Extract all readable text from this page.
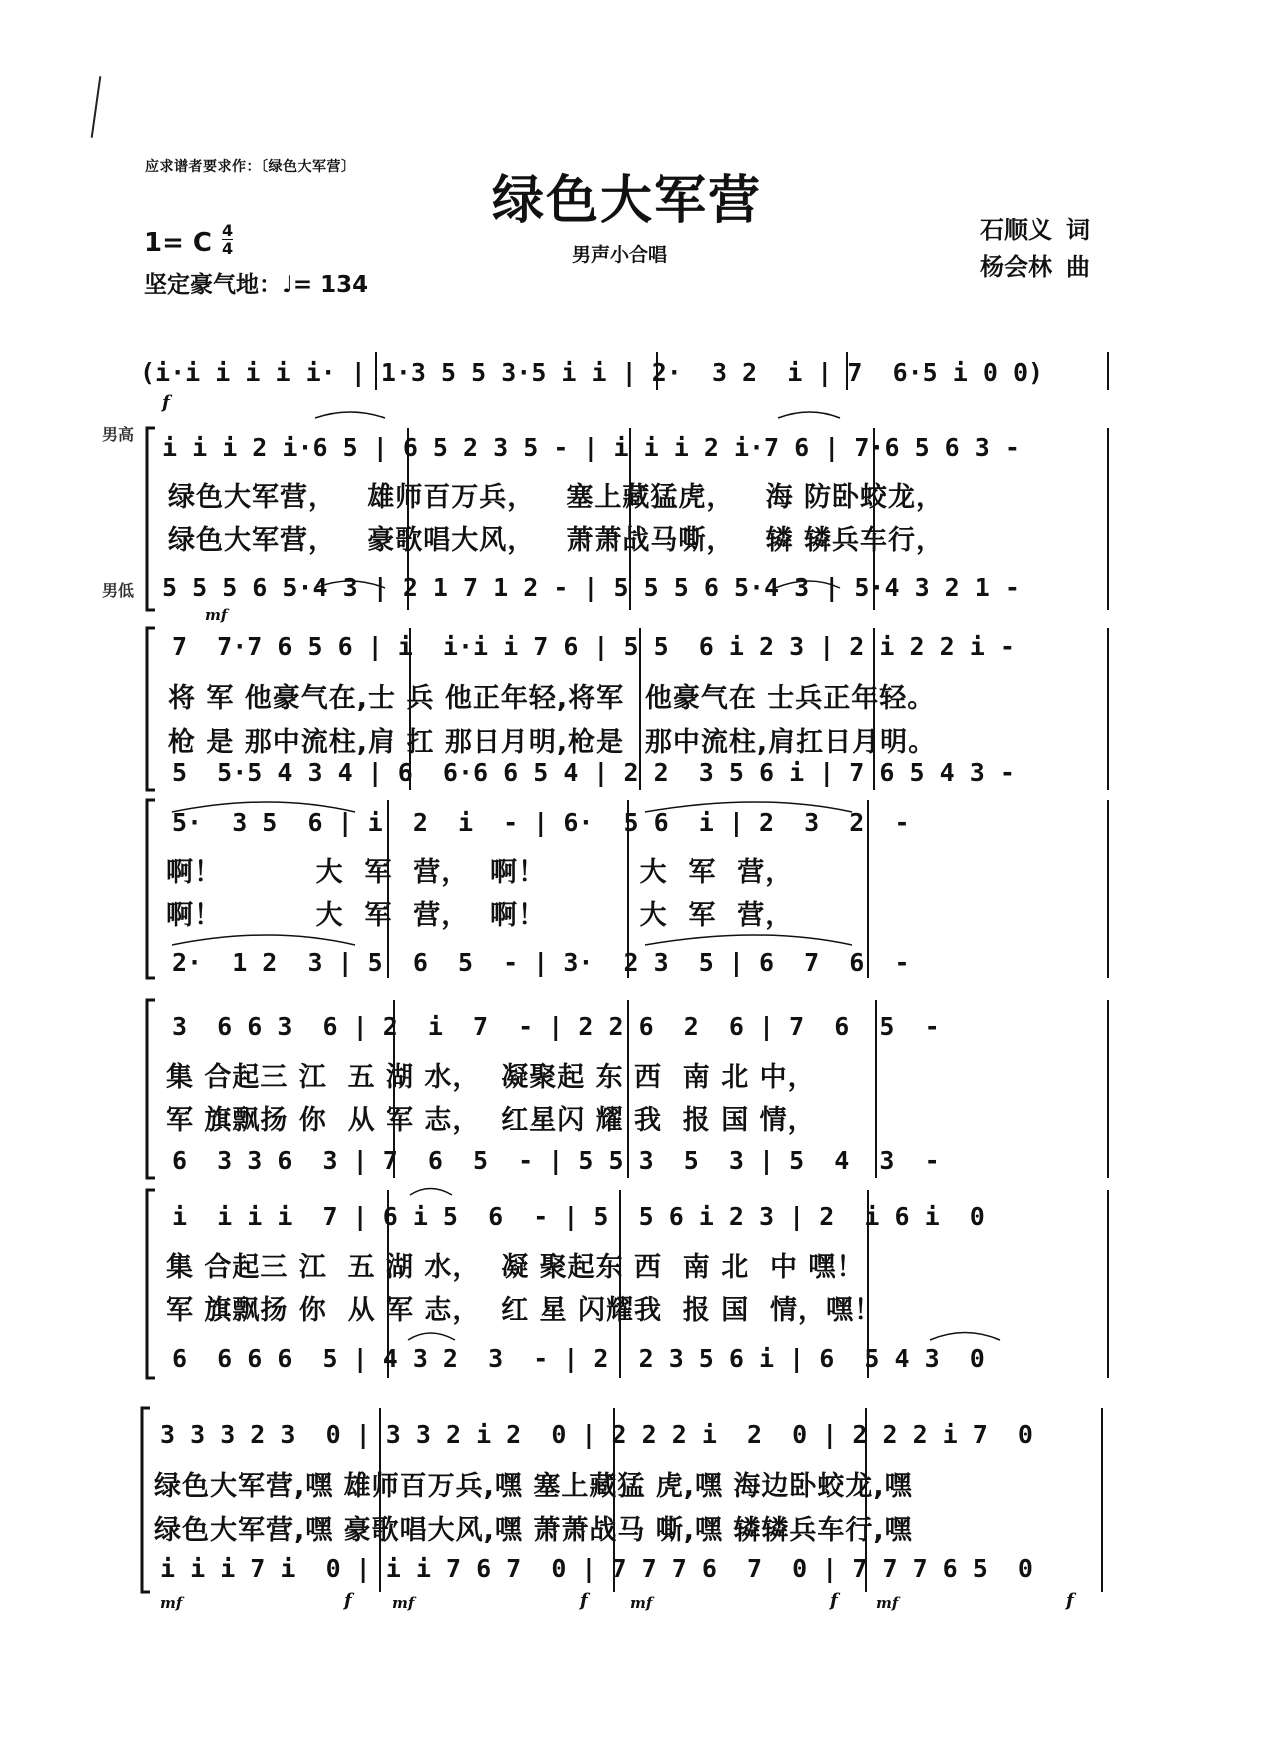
应求谱者要求作：〔绿色大军营〕
绿色大军营
男声小合唱
1= C 4
4
坚定豪气地：♩= 134
石顺义 词
杨会林 曲
(i·i i i i i· | 1·3 5 5 3·5 i i | 2·  3 2  i | 7  6·5 i 0 0)
f
男高
男低
i i i 2 i·6 5 | 6 5 2 3 5 - | i i i 2 i·7 6 | 7·6 5 6 3 -
绿色大军营，   雄师百万兵，   塞上藏猛虎，   海 防卧蛟龙，
绿色大军营，   豪歌唱大风，   萧萧战马嘶，   辚 辚兵车行，
5 5 5 6 5·4 3 | 2 1 7 1 2 - | 5 5 5 6 5·4 3 | 5·4 3 2 1 -
mf
7  7·7 6 5 6 | i  i·i i 7 6 | 5 5  6 i 2 3 | 2 i 2 2 i -
将 军 他豪气在,士 兵 他正年轻,将军  他豪气在 士兵正年轻。
枪 是 那中流柱,肩 扛 那日月明,枪是  那中流柱,肩扛日月明。
5  5·5 4 3 4 | 6  6·6 6 5 4 | 2 2  3 5 6 i | 7 6 5 4 3 -
5·  3 5  6 | i  2  i  - | 6·  5 6  i | 2  3  2  -
啊！         大  军  营，  啊！         大  军  营，
啊！         大  军  营，  啊！         大  军  营，
2·  1 2  3 | 5  6  5  - | 3·  2 3  5 | 6  7  6  -
3  6 6 3  6 | 2  i  7  - | 2 2 6  2  6 | 7  6  5  -
集 合起三 江  五 湖 水，  凝聚起 东 西  南 北 中，
军 旗飘扬 你  从 军 志，  红星闪 耀 我  报 国 情，
6  3 3 6  3 | 7  6  5  - | 5 5 3  5  3 | 5  4  3  -
i  i i i  7 | 6 i 5  6  - | 5  5 6 i 2 3 | 2  i 6 i  0
集 合起三 江  五 湖 水，  凝 聚起东 西  南 北  中 嘿！
军 旗飘扬 你  从 军 志，  红 星 闪耀我  报 国  情，嘿！
6  6 6 6  5 | 4 3 2  3  - | 2  2 3 5 6 i | 6  5 4 3  0
3 3 3 2 3  0 | 3 3 2 i 2  0 | 2 2 2 i  2  0 | 2 2 2 i 7  0
绿色大军营,嘿 雄师百万兵,嘿 塞上藏猛 虎,嘿 海边卧蛟龙,嘿
绿色大军营,嘿 豪歌唱大风,嘿 萧萧战马 嘶,嘿 辚辚兵车行,嘿
i i i 7 i  0 | i i 7 6 7  0 | 7 7 7 6  7  0 | 7 7 7 6 5  0
mf	f	mf	f	mf	f	mf	f
